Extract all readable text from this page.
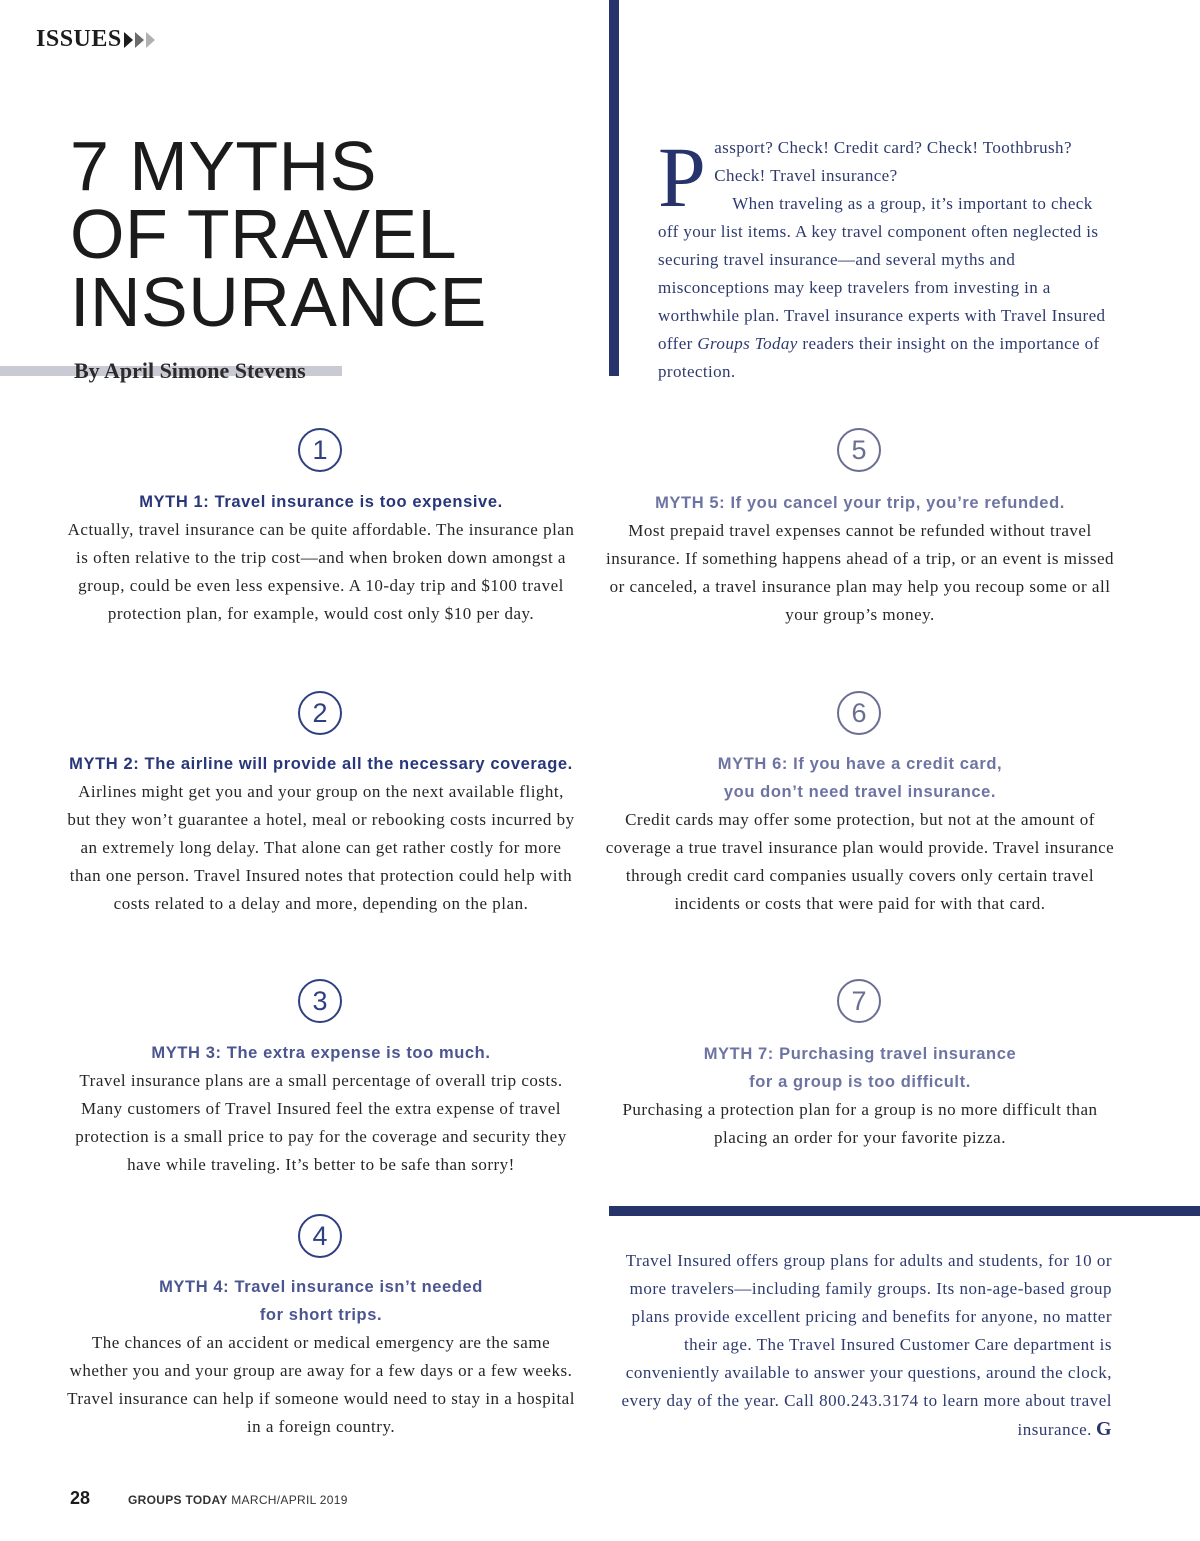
ISSUES
7 MYTHS
OF TRAVEL
INSURANCE
By April Simone Stevens
P assport? Check! Credit card? Check! Toothbrush? Check! Travel insurance?
When traveling as a group, it’s important to check off your list items. A key travel component often neglected is securing travel insurance—and several myths and misconceptions may keep travelers from investing in a worthwhile plan. Travel insurance experts with Travel Insured offer Groups Today readers their insight on the importance of protection.
1
MYTH 1: Travel insurance is too expensive.
Actually, travel insurance can be quite affordable. The insurance plan is often relative to the trip cost—and when broken down amongst a group, could be even less expensive. A 10-day trip and $100 travel protection plan, for example, would cost only $10 per day.
2
MYTH 2: The airline will provide all the necessary coverage.
Airlines might get you and your group on the next available flight, but they won’t guarantee a hotel, meal or rebooking costs incurred by an extremely long delay. That alone can get rather costly for more than one person. Travel Insured notes that protection could help with costs related to a delay and more, depending on the plan.
3
MYTH 3: The extra expense is too much.
Travel insurance plans are a small percentage of overall trip costs. Many customers of Travel Insured feel the extra expense of travel protection is a small price to pay for the coverage and security they have while traveling. It’s better to be safe than sorry!
4
MYTH 4: Travel insurance isn’t needed
for short trips.
The chances of an accident or medical emergency are the same whether you and your group are away for a few days or a few weeks. Travel insurance can help if someone would need to stay in a hospital in a foreign country.
5
MYTH 5: If you cancel your trip, you’re refunded.
Most prepaid travel expenses cannot be refunded without travel insurance. If something happens ahead of a trip, or an event is missed or canceled, a travel insurance plan may help you recoup some or all your group’s money.
6
MYTH 6: If you have a credit card,
you don’t need travel insurance.
Credit cards may offer some protection, but not at the amount of coverage a true travel insurance plan would provide. Travel insurance through credit card companies usually covers only certain travel incidents or costs that were paid for with that card.
7
MYTH 7: Purchasing travel insurance
for a group is too difficult.
Purchasing a protection plan for a group is no more difficult than placing an order for your favorite pizza.
Travel Insured offers group plans for adults and students, for 10 or more travelers—including family groups. Its non-age-based group plans provide excellent pricing and benefits for anyone, no matter their age. The Travel Insured Customer Care department is conveniently available to answer your questions, around the clock, every day of the year. Call 800.243.3174 to learn more about travel insurance. G
28	GROUPS TODAY MARCH/APRIL 2019
